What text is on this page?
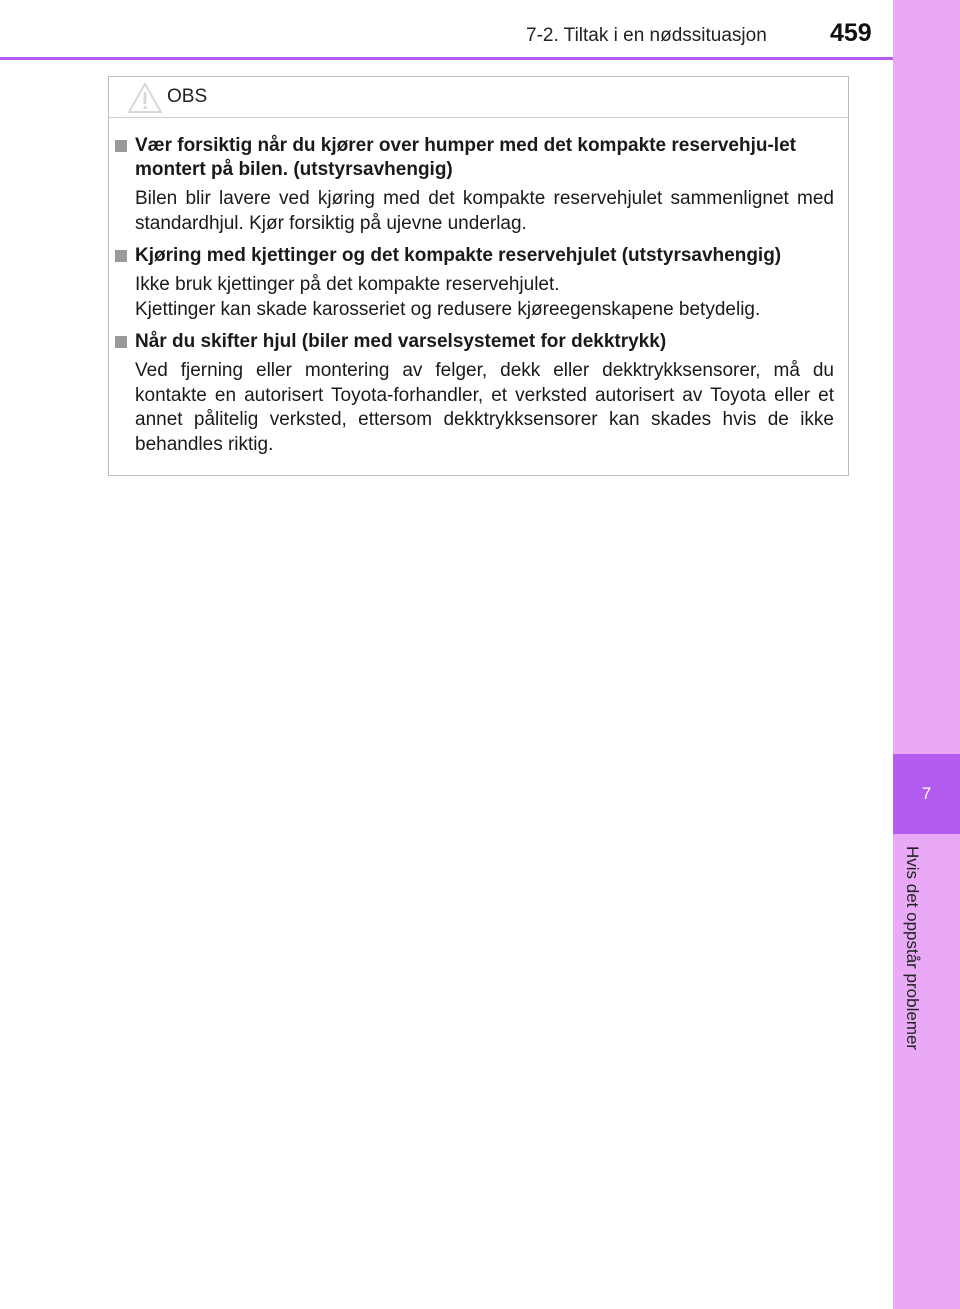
7
Hvis det oppstår problemer
7-2. Tiltak i en nødssituasjon	459
OBS
Vær forsiktig når du kjører over humper med det kompakte reservehju-let montert på bilen. (utstyrsavhengig)
Bilen blir lavere ved kjøring med det kompakte reservehjulet sammenlignet med standardhjul. Kjør forsiktig på ujevne underlag.
Kjøring med kjettinger og det kompakte reservehjulet (utstyrsavhengig)
Ikke bruk kjettinger på det kompakte reservehjulet.
Kjettinger kan skade karosseriet og redusere kjøreegenskapene betydelig.
Når du skifter hjul (biler med varselsystemet for dekktrykk)
Ved fjerning eller montering av felger, dekk eller dekktrykksensorer, må du kontakte en autorisert Toyota-forhandler, et verksted autorisert av Toyota eller et annet pålitelig verksted, ettersom dekktrykksensorer kan skades hvis de ikke behandles riktig.
